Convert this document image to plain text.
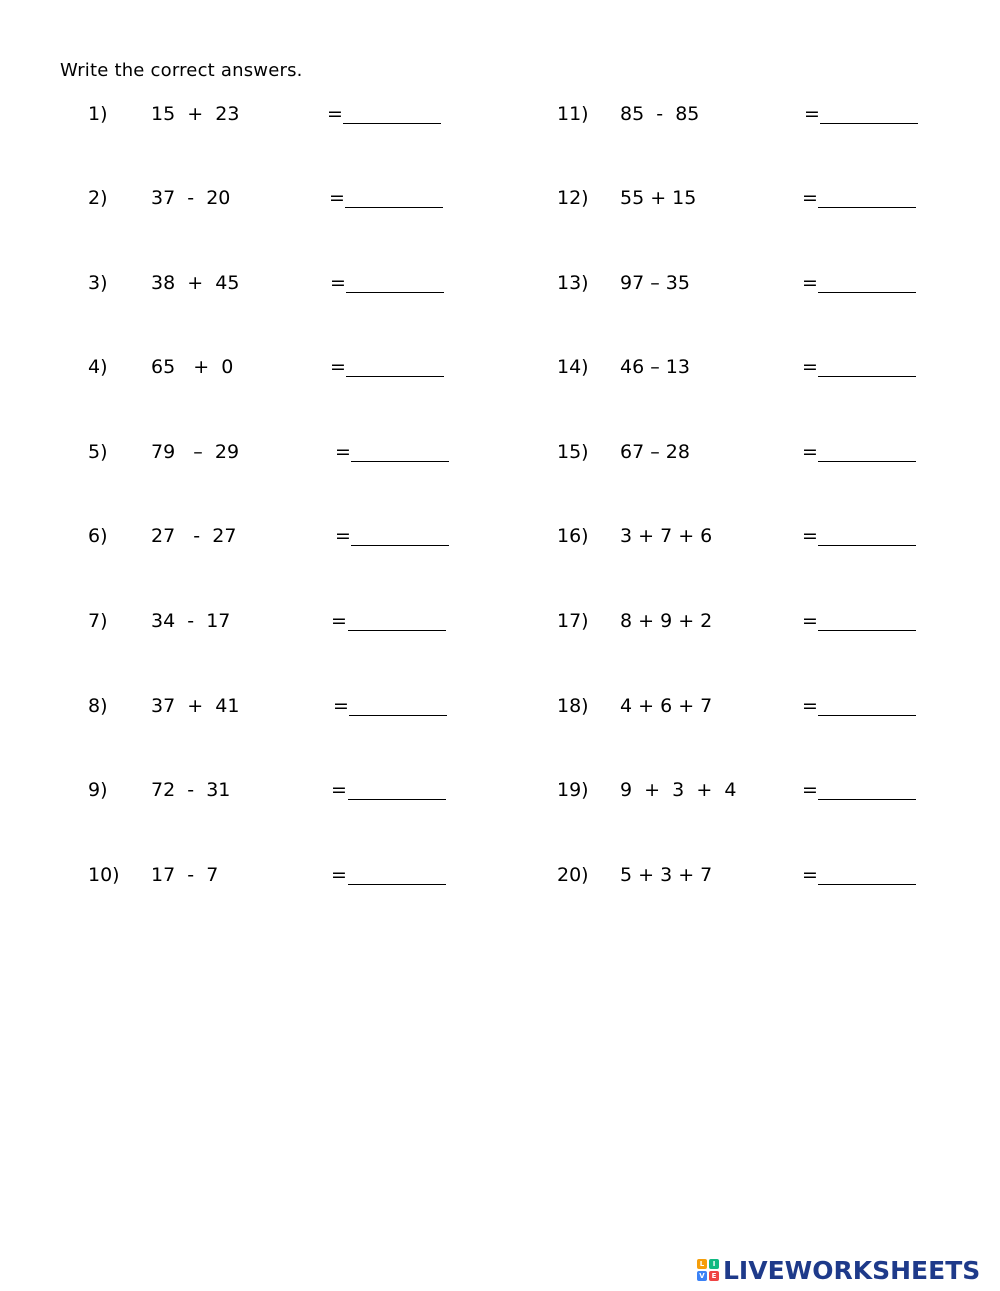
Write the correct answers.

1)

15  +  23

	=

2)

37  -  20

	=

3)

38  +  45

	=

4)

65   +  0

	=

5)

79   –  29

	=

6)

27   -  27

	=

7)

34  -  17

	=

8)

37  +  41

	=

9)

72  -  31

	=

10)

17  -  7

	=

11)

85  -  85

	=

12)

55 + 15

	=

13)

97 – 35

	=

14)

46 – 13

	=

15)

67 – 28

	=

16)

3 + 7 + 6

	=

17)

8 + 9 + 2

	=

18)

4 + 6 + 7

	=

19)

9  +  3  +  4

	=

20)

5 + 3 + 7

	=

L	I
V E LIVEWORKSHEETS
